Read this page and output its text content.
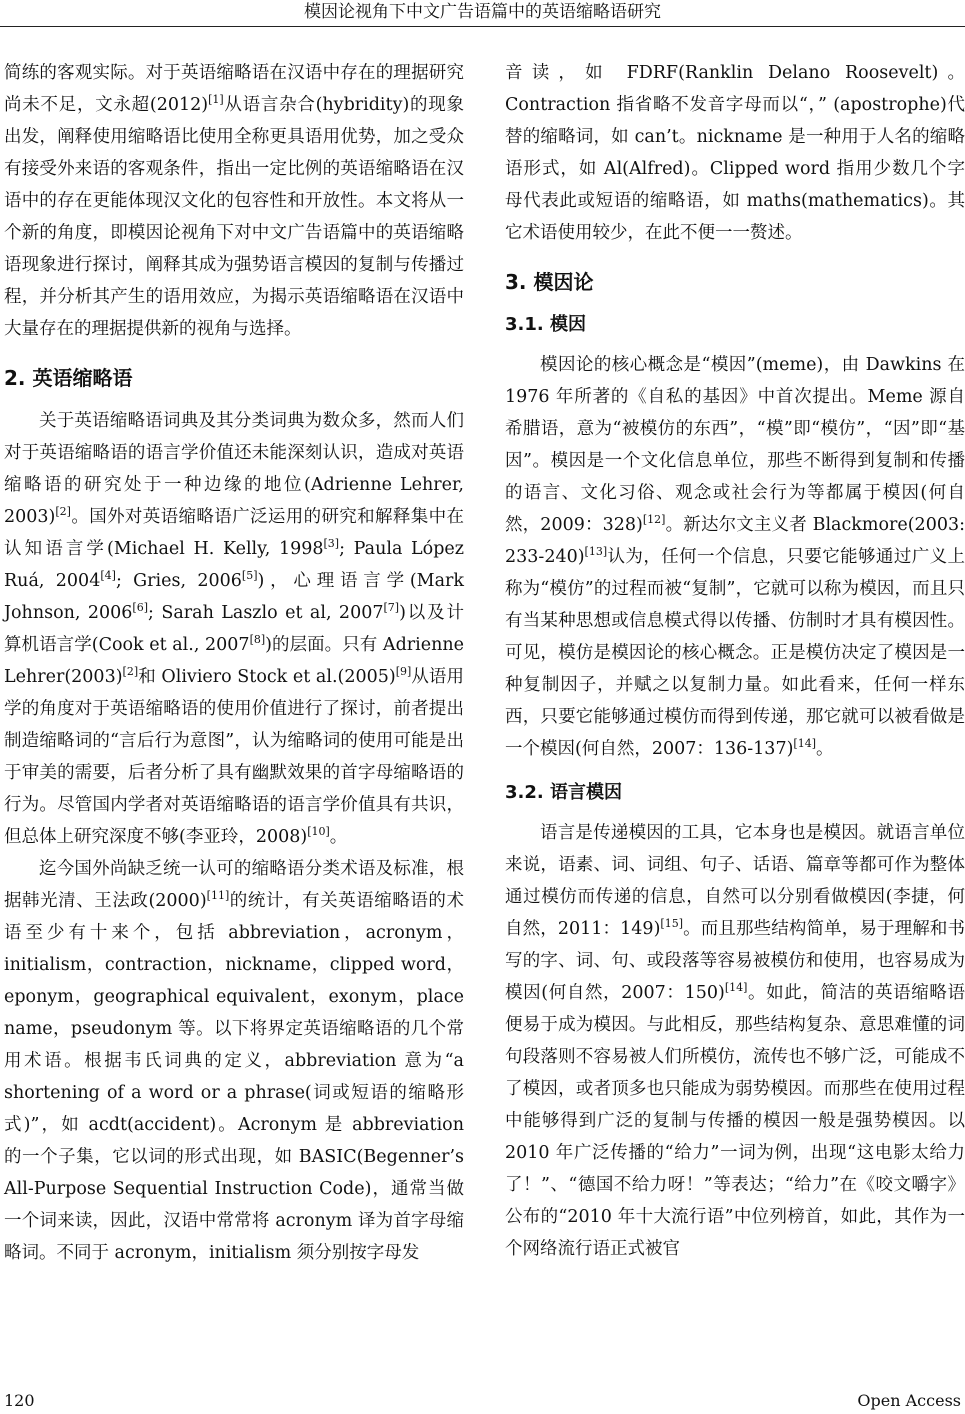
模因论视角下中文广告语篇中的英语缩略语研究

简练的客观实际。对于英语缩略语在汉语中存在的理据研究尚未不足，文永超(2012)[1]从语言杂合(hybridity)的现象出发，阐释使用缩略语比使用全称更具语用优势，加之受众有接受外来语的客观条件，指出一定比例的英语缩略语在汉语中的存在更能体现汉文化的包容性和开放性。本文将从一个新的角度，即模因论视角下对中文广告语篇中的英语缩略语现象进行探讨，阐释其成为强势语言模因的复制与传播过程，并分析其产生的语用效应，为揭示英语缩略语在汉语中大量存在的理据提供新的视角与选择。

2. 英语缩略语

关于英语缩略语词典及其分类词典为数众多，然而人们对于英语缩略语的语言学价值还未能深刻认识，造成对英语缩略语的研究处于一种边缘的地位(Adrienne Lehrer, 2003)[2]。国外对英语缩略语广泛运用的研究和解释集中在认知语言学(Michael H. Kelly, 1998[3]; Paula López Ruá, 2004[4]; Gries, 2006[5])，心理语言学(Mark Johnson, 2006[6]; Sarah Laszlo et al, 2007[7])以及计算机语言学(Cook et al., 2007[8])的层面。只有 Adrienne Lehrer(2003)[2]和 Oliviero Stock et al.(2005)[9]从语用学的角度对于英语缩略语的使用价值进行了探讨，前者提出制造缩略词的“言后行为意图”，认为缩略词的使用可能是出于审美的需要，后者分析了具有幽默效果的首字母缩略语的行为。尽管国内学者对英语缩略语的语言学价值具有共识，但总体上研究深度不够(李亚玲，2008)[10]。

迄今国外尚缺乏统一认可的缩略语分类术语及标准，根据韩光清、王法政(2000)[11]的统计，有关英语缩略语的术语至少有十来个，包括 abbreviation，acronym，initialism，contraction，nickname，clipped word，eponym，geographical equivalent，exonym，place name，pseudonym 等。以下将界定英语缩略语的几个常用术语。根据韦氏词典的定义，abbreviation 意为“a shortening of a word or a phrase(词或短语的缩略形式)”，如 acdt(accident)。Acronym 是 abbreviation 的一个子集，它以词的形式出现，如 BASIC(Begenner’s All-Purpose Sequential Instruction Code)，通常当做一个词来读，因此，汉语中常常将 acronym 译为首字母缩略词。不同于 acronym，initialism 须分别按字母发

音读，如 FDRF(Ranklin Delano Roosevelt)。Contraction 指省略不发音字母而以“，” (apostrophe)代替的缩略词，如 can’t。nickname 是一种用于人名的缩略语形式，如 Al(Alfred)。Clipped word 指用少数几个字母代表此或短语的缩略语，如 maths(mathematics)。其它术语使用较少，在此不便一一赘述。

3. 模因论
3.1. 模因

模因论的核心概念是“模因”(meme)，由 Dawkins 在 1976 年所著的《自私的基因》中首次提出。Meme 源自希腊语，意为“被模仿的东西”，“模”即“模仿”，“因”即“基因”。模因是一个文化信息单位，那些不断得到复制和传播的语言、文化习俗、观念或社会行为等都属于模因(何自然，2009：328)[12]。新达尔文主义者 Blackmore(2003: 233-240)[13]认为，任何一个信息，只要它能够通过广义上称为“模仿”的过程而被“复制”，它就可以称为模因，而且只有当某种思想或信息模式得以传播、仿制时才具有模因性。可见，模仿是模因论的核心概念。正是模仿决定了模因是一种复制因子，并赋之以复制力量。如此看来，任何一样东西，只要它能够通过模仿而得到传递，那它就可以被看做是一个模因(何自然，2007：136-137)[14]。

3.2. 语言模因

语言是传递模因的工具，它本身也是模因。就语言单位来说，语素、词、词组、句子、话语、篇章等都可作为整体通过模仿而传递的信息，自然可以分别看做模因(李捷，何自然，2011：149)[15]。而且那些结构简单，易于理解和书写的字、词、句、或段落等容易被模仿和使用，也容易成为模因(何自然，2007：150)[14]。如此，简洁的英语缩略语便易于成为模因。与此相反，那些结构复杂、意思难懂的词句段落则不容易被人们所模仿，流传也不够广泛，可能成不了模因，或者顶多也只能成为弱势模因。而那些在使用过程中能够得到广泛的复制与传播的模因一般是强势模因。以 2010 年广泛传播的“给力”一词为例，出现“这电影太给力了！”、“德国不给力呀！”等表达；“给力”在《咬文嚼字》公布的“2010 年十大流行语”中位列榜首，如此，其作为一个网络流行语正式被官

120	Open Access
